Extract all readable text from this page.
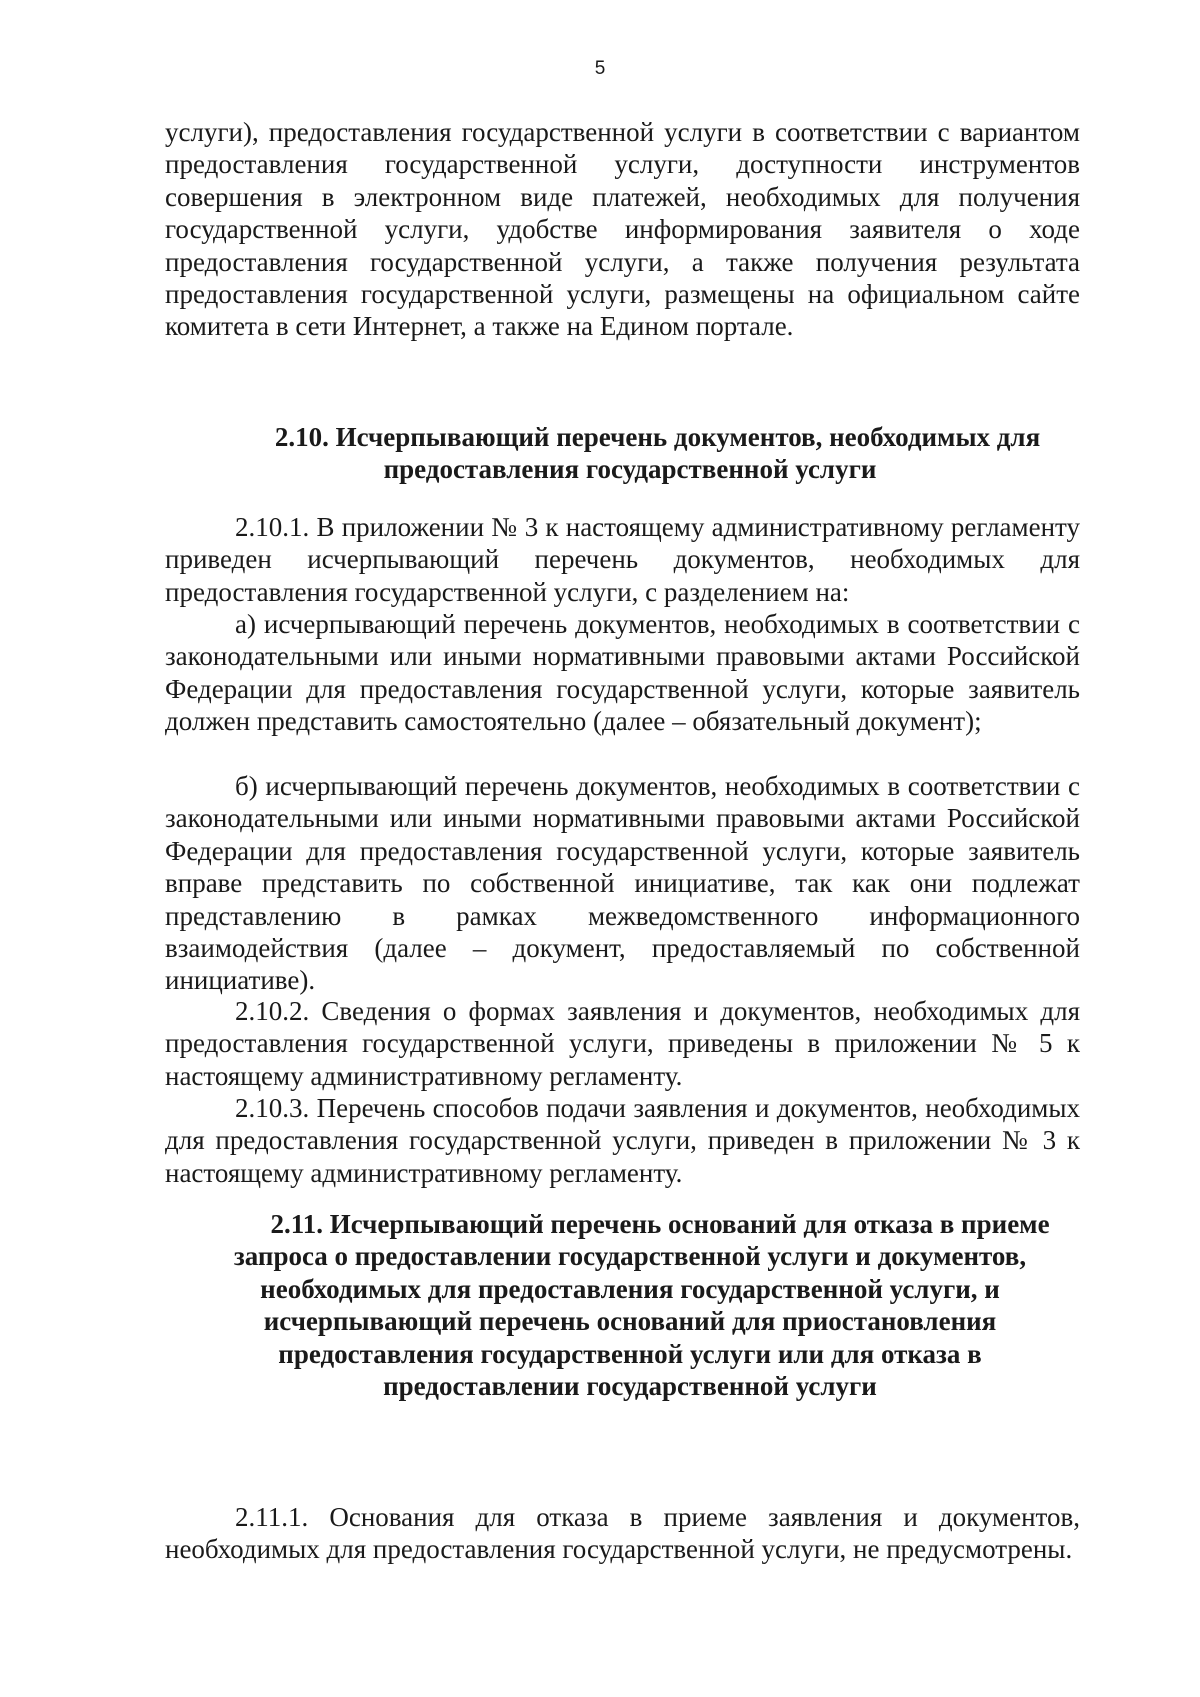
5

услуги), предоставления государственной услуги в соответствии с вариантом предоставления государственной услуги, доступности инструментов совершения в электронном виде платежей, необходимых для получения государственной услуги, удобстве информирования заявителя о ходе предоставления государственной услуги, а также получения результата предоставления государственной услуги, размещены на официальном сайте комитета в сети Интернет, а также на Едином портале.

2.10. Исчерпывающий перечень документов, необходимых для
предоставления государственной услуги

2.10.1. В приложении № 3 к настоящему административному регламенту приведен исчерпывающий перечень документов, необходимых для предоставления государственной услуги, с разделением на:

а) исчерпывающий перечень документов, необходимых в соответствии с законодательными или иными нормативными правовыми актами Российской Федерации для предоставления государственной услуги, которые заявитель должен представить самостоятельно (далее – обязательный документ);

б) исчерпывающий перечень документов, необходимых в соответствии с законодательными или иными нормативными правовыми актами Российской Федерации для предоставления государственной услуги, которые заявитель вправе представить по собственной инициативе, так как они подлежат представлению в рамках межведомственного информационного взаимодействия (далее – документ, предоставляемый по собственной инициативе).

2.10.2. Сведения о формах заявления и документов, необходимых для предоставления государственной услуги, приведены в приложении № 5 к настоящему административному регламенту.

2.10.3. Перечень способов подачи заявления и документов, необходимых для предоставления государственной услуги, приведен в приложении № 3 к настоящему административному регламенту.

2.11. Исчерпывающий перечень оснований для отказа в приеме
запроса о предоставлении государственной услуги и документов,
необходимых для предоставления государственной услуги, и
исчерпывающий перечень оснований для приостановления
предоставления государственной услуги или для отказа в
предоставлении государственной услуги

2.11.1. Основания для отказа в приеме заявления и документов, необходимых для предоставления государственной услуги, не предусмотрены.
